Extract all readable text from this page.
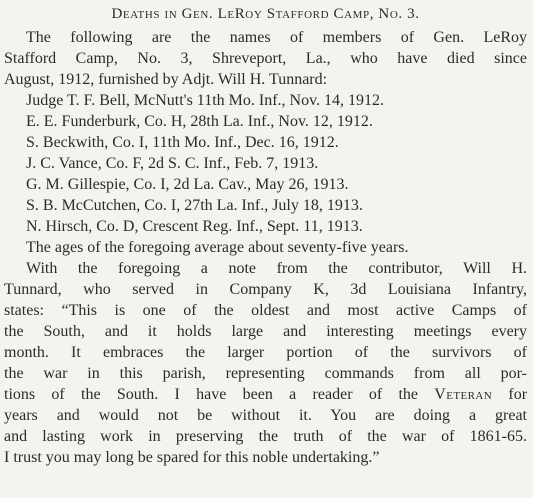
Deaths in Gen. LeRoy Stafford Camp, No. 3.

The following are the names of members of Gen. LeRoy
Stafford Camp, No. 3, Shreveport, La., who have died since
August, 1912, furnished by Adjt. Will H. Tunnard:

Judge T. F. Bell, McNutt's 11th Mo. Inf., Nov. 14, 1912.
E. E. Funderburk, Co. H, 28th La. Inf., Nov. 12, 1912.
S. Beckwith, Co. I, 11th Mo. Inf., Dec. 16, 1912.
J. C. Vance, Co. F, 2d S. C. Inf., Feb. 7, 1913.
G. M. Gillespie, Co. I, 2d La. Cav., May 26, 1913.
S. B. McCutchen, Co. I, 27th La. Inf., July 18, 1913.
N. Hirsch, Co. D, Crescent Reg. Inf., Sept. 11, 1913.

The ages of the foregoing average about seventy-five years.

With the foregoing a note from the contributor, Will H.
Tunnard, who served in Company K, 3d Louisiana Infantry,
states: “This is one of the oldest and most active Camps of
the South, and it holds large and interesting meetings every
month. It embraces the larger portion of the survivors of
the war in this parish, representing commands from all por-
tions of the South. I have been a reader of the Veteran for
years and would not be without it. You are doing a great
and lasting work in preserving the truth of the war of 1861-65.
I trust you may long be spared for this noble undertaking.”
